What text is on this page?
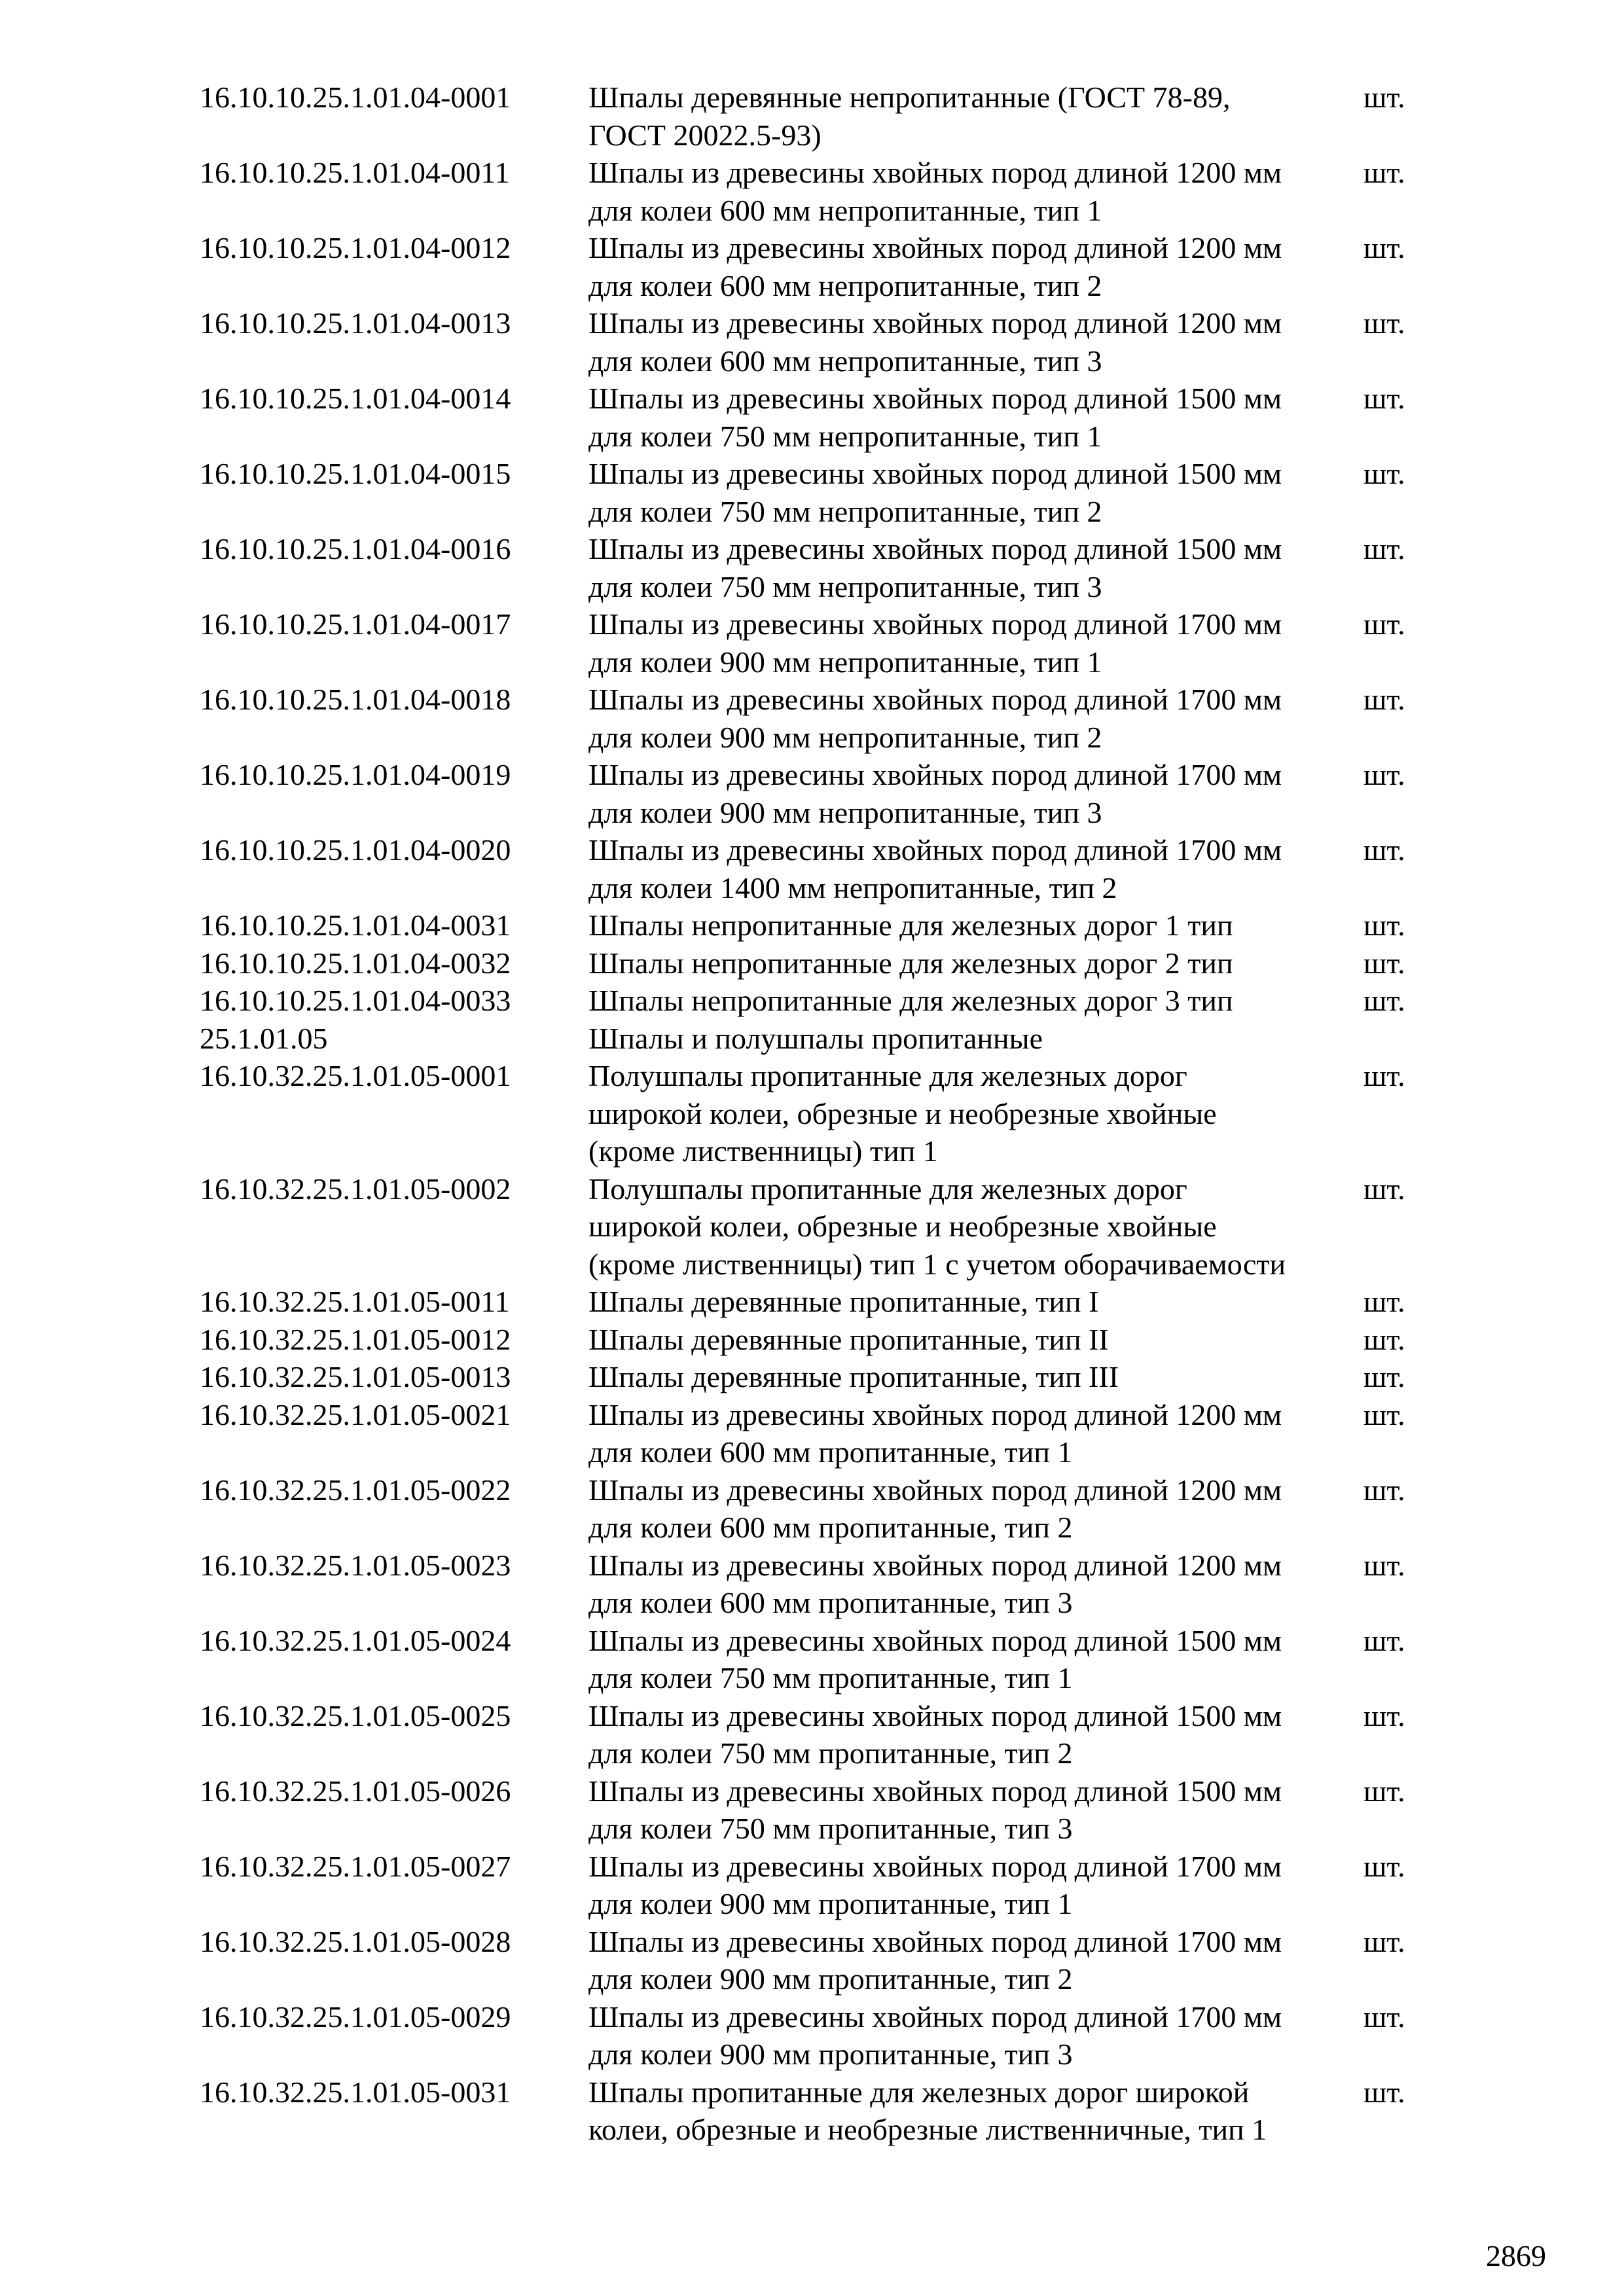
16.10.10.25.1.01.04-0001	Шпалы деревянные непропитанные (ГОСТ 78-89,
ГОСТ 20022.5-93)
шт.
16.10.10.25.1.01.04-0011	Шпалы из древесины хвойных пород длиной 1200 мм
для колеи 600 мм непропитанные, тип 1
шт.
16.10.10.25.1.01.04-0012	Шпалы из древесины хвойных пород длиной 1200 мм
для колеи 600 мм непропитанные, тип 2
шт.
16.10.10.25.1.01.04-0013	Шпалы из древесины хвойных пород длиной 1200 мм
для колеи 600 мм непропитанные, тип 3
шт.
16.10.10.25.1.01.04-0014	Шпалы из древесины хвойных пород длиной 1500 мм
для колеи 750 мм непропитанные, тип 1
шт.
16.10.10.25.1.01.04-0015	Шпалы из древесины хвойных пород длиной 1500 мм
для колеи 750 мм непропитанные, тип 2
шт.
16.10.10.25.1.01.04-0016	Шпалы из древесины хвойных пород длиной 1500 мм
для колеи 750 мм непропитанные, тип 3
шт.
16.10.10.25.1.01.04-0017	Шпалы из древесины хвойных пород длиной 1700 мм
для колеи 900 мм непропитанные, тип 1
шт.
16.10.10.25.1.01.04-0018	Шпалы из древесины хвойных пород длиной 1700 мм
для колеи 900 мм непропитанные, тип 2
шт.
16.10.10.25.1.01.04-0019	Шпалы из древесины хвойных пород длиной 1700 мм
для колеи 900 мм непропитанные, тип 3
шт.
16.10.10.25.1.01.04-0020	Шпалы из древесины хвойных пород длиной 1700 мм
для колеи 1400 мм непропитанные, тип 2
шт.
16.10.10.25.1.01.04-0031	Шпалы непропитанные для железных дорог 1 тип	шт.
16.10.10.25.1.01.04-0032	Шпалы непропитанные для железных дорог 2 тип	шт.
16.10.10.25.1.01.04-0033	Шпалы непропитанные для железных дорог 3 тип	шт.
25.1.01.05	Шпалы и полушпалы пропитанные
16.10.32.25.1.01.05-0001	Полушпалы пропитанные для железных дорог
широкой колеи, обрезные и необрезные хвойные
(кроме лиственницы) тип 1
шт.
16.10.32.25.1.01.05-0002	Полушпалы пропитанные для железных дорог
широкой колеи, обрезные и необрезные хвойные
(кроме лиственницы) тип 1 с учетом оборачиваемости
шт.
16.10.32.25.1.01.05-0011	Шпалы деревянные пропитанные, тип I	шт.
16.10.32.25.1.01.05-0012	Шпалы деревянные пропитанные, тип II	шт.
16.10.32.25.1.01.05-0013	Шпалы деревянные пропитанные, тип III	шт.
16.10.32.25.1.01.05-0021	Шпалы из древесины хвойных пород длиной 1200 мм
для колеи 600 мм пропитанные, тип 1
шт.
16.10.32.25.1.01.05-0022	Шпалы из древесины хвойных пород длиной 1200 мм
для колеи 600 мм пропитанные, тип 2
шт.
16.10.32.25.1.01.05-0023	Шпалы из древесины хвойных пород длиной 1200 мм
для колеи 600 мм пропитанные, тип 3
шт.
16.10.32.25.1.01.05-0024	Шпалы из древесины хвойных пород длиной 1500 мм
для колеи 750 мм пропитанные, тип 1
шт.
16.10.32.25.1.01.05-0025	Шпалы из древесины хвойных пород длиной 1500 мм
для колеи 750 мм пропитанные, тип 2
шт.
16.10.32.25.1.01.05-0026	Шпалы из древесины хвойных пород длиной 1500 мм
для колеи 750 мм пропитанные, тип 3
шт.
16.10.32.25.1.01.05-0027	Шпалы из древесины хвойных пород длиной 1700 мм
для колеи 900 мм пропитанные, тип 1
шт.
16.10.32.25.1.01.05-0028	Шпалы из древесины хвойных пород длиной 1700 мм
для колеи 900 мм пропитанные, тип 2
шт.
16.10.32.25.1.01.05-0029	Шпалы из древесины хвойных пород длиной 1700 мм
для колеи 900 мм пропитанные, тип 3
шт.
16.10.32.25.1.01.05-0031	Шпалы пропитанные для железных дорог широкой
колеи, обрезные и необрезные лиственничные, тип 1
шт.
2869
